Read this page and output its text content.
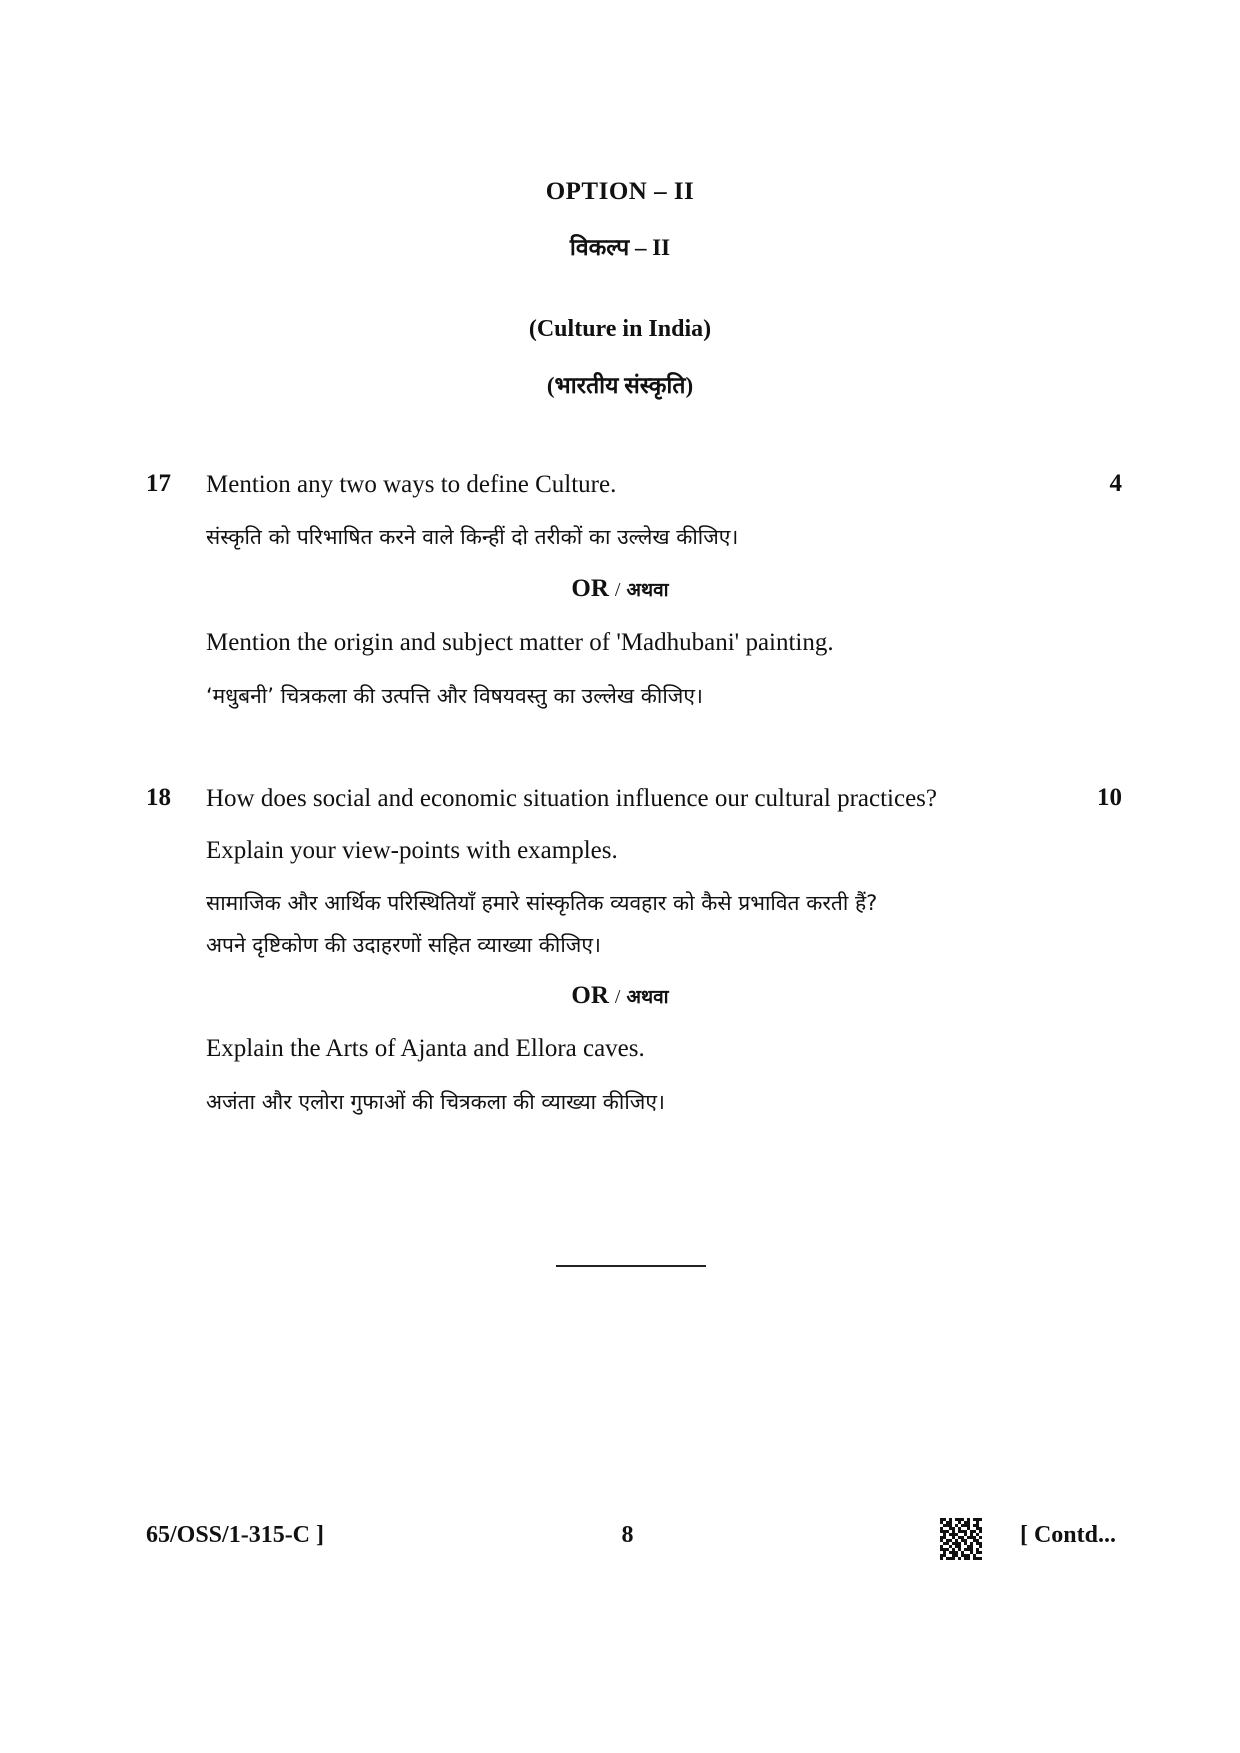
OPTION – II
विकल्प – II
(Culture in India)
(भारतीय संस्कृति)
17	4
Mention any two ways to define Culture.
संस्कृति को परिभाषित करने वाले किन्हीं दो तरीकों का उल्लेख कीजिए।
OR / अथवा
Mention the origin and subject matter of 'Madhubani' painting.
‘मधुबनी’ चित्रकला की उत्पत्ति और विषयवस्तु का उल्लेख कीजिए।
18	10
How does social and economic situation influence our cultural practices?
Explain your view-points with examples.
सामाजिक और आर्थिक परिस्थितियाँ हमारे सांस्कृतिक व्यवहार को कैसे प्रभावित करती हैं?
अपने दृष्टिकोण की उदाहरणों सहित व्याख्या कीजिए।
OR / अथवा
Explain the Arts of Ajanta and Ellora caves.
अजंता और एलोरा गुफाओं की चित्रकला की व्याख्या कीजिए।
65/OSS/1-315-C ]	8	[ Contd...
